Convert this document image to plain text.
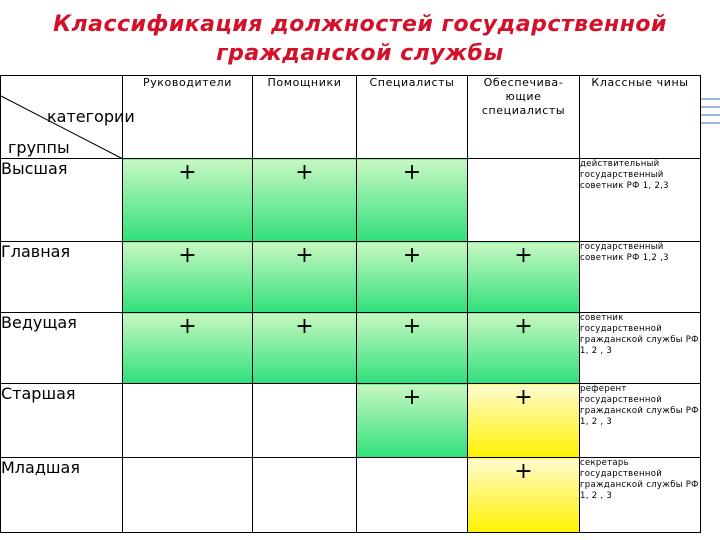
Классификация должностей государственной
гражданской службы
категории
группы	Руководители	Помощники	Специалисты	Обеспечива-ющие специалисты	Классные чины
Высшая	+	+	+		действительный государственный советник РФ 1, 2,3
Главная	+	+	+	+	государственный советник РФ 1,2 ,3
Ведущая	+	+	+	+	советник государственной гражданской службы РФ 1, 2 , 3
Старшая			+	+	референт государственной гражданской службы РФ 1, 2 , 3
Младшая				+	секретарь государственной гражданской службы РФ 1, 2 , 3
